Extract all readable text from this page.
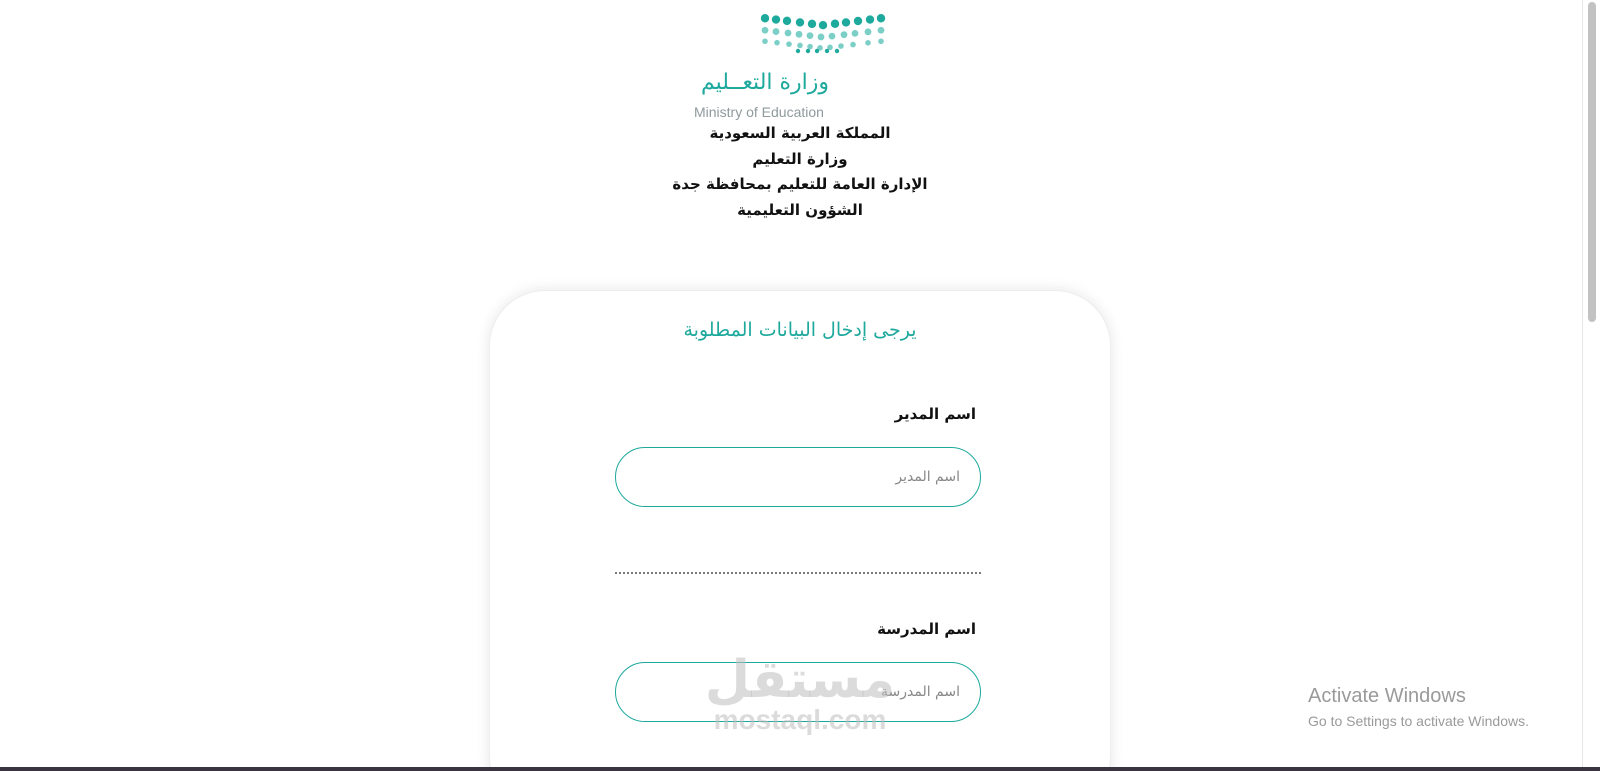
وزارة التعــليم
Ministry of Education
المملكة العربية السعودية
وزارة التعليم
الإدارة العامة للتعليم بمحافظة جدة
الشؤون التعليمية
يرجى إدخال البيانات المطلوبة
اسم المدير
اسم المدير
اسم المدرسة
اسم المدرسة
مستقل
mostaql.com
Activate Windows
Go to Settings to activate Windows.
